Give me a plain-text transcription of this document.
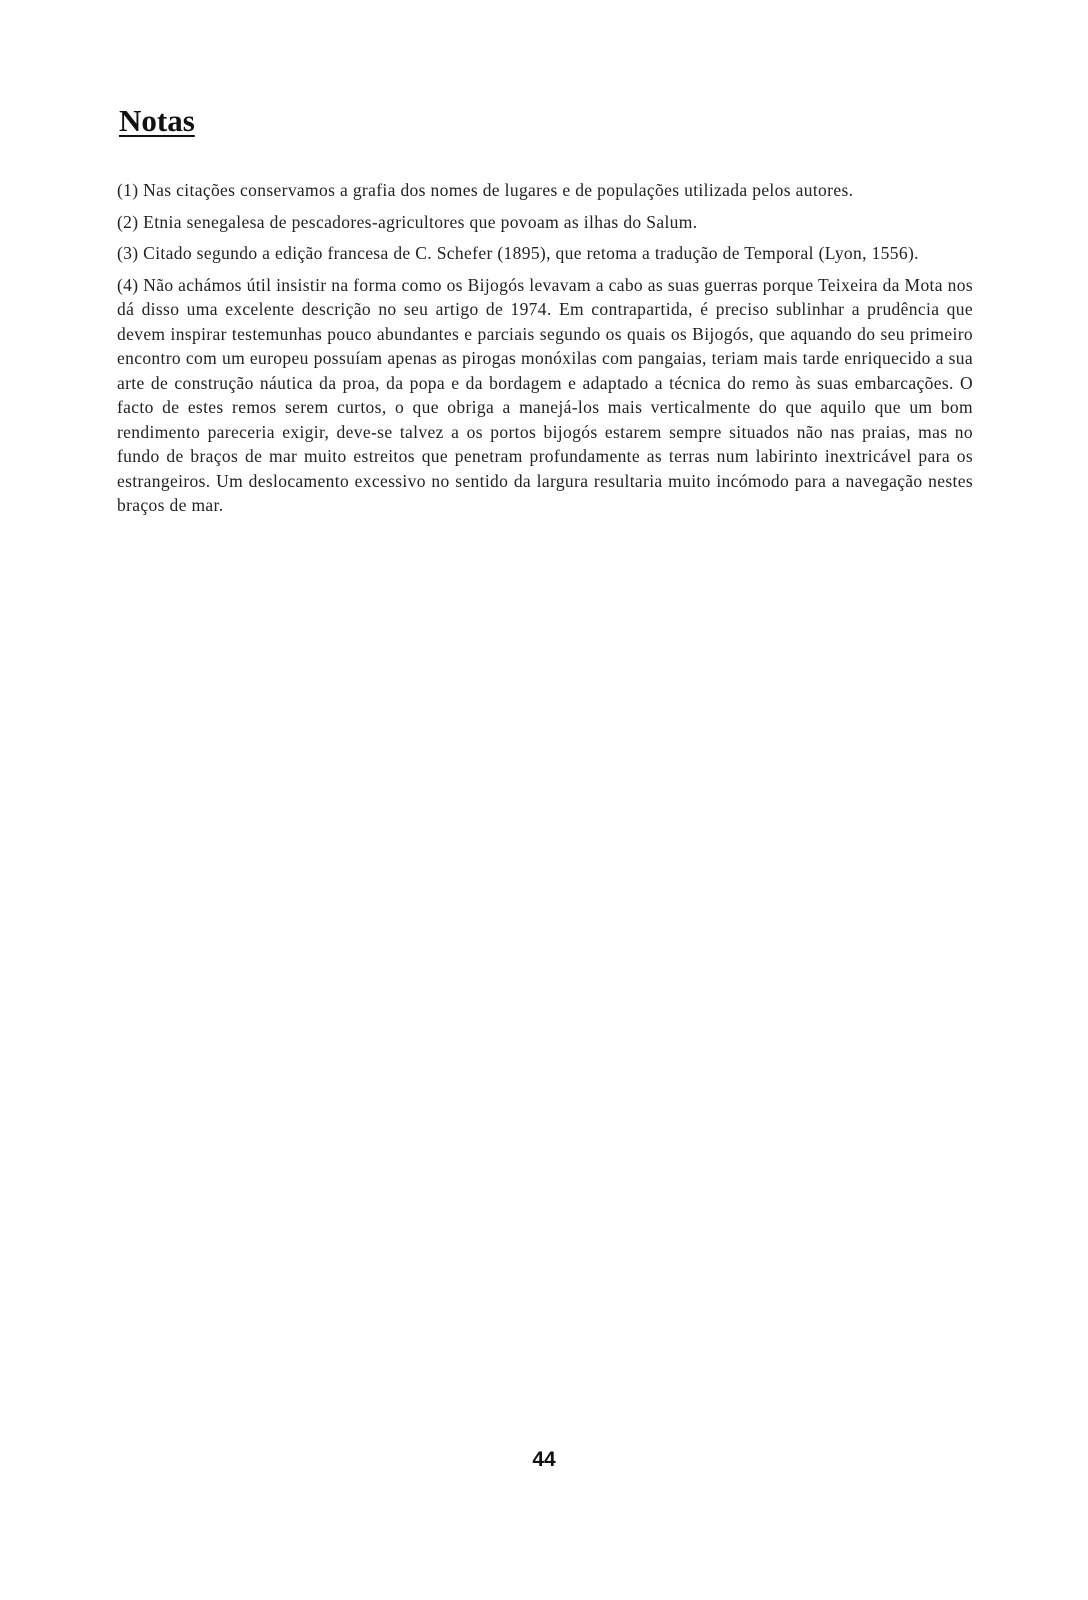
Notas
(1) Nas citações conservamos a grafia dos nomes de lugares e de populações utilizada pelos autores.
(2) Etnia senegalesa de pescadores-agricultores que povoam as ilhas do Salum.
(3) Citado segundo a edição francesa de C. Schefer (1895), que retoma a tradução de Temporal (Lyon, 1556).
(4) Não achámos útil insistir na forma como os Bijogós levavam a cabo as suas guerras porque Teixeira da Mota nos dá disso uma excelente descrição no seu artigo de 1974. Em contrapartida, é preciso sublinhar a prudência que devem inspirar testemunhas pouco abundantes e parciais segundo os quais os Bijogós, que aquando do seu primeiro encontro com um europeu possuíam apenas as pirogas monóxilas com pangaias, teriam mais tarde enriquecido a sua arte de construção náutica da proa, da popa e da bordagem e adaptado a técnica do remo às suas embarcações. O facto de estes remos serem curtos, o que obriga a manejá-los mais verticalmente do que aquilo que um bom rendimento pareceria exigir, deve-se talvez a os portos bijogós estarem sempre situados não nas praias, mas no fundo de braços de mar muito estreitos que penetram profundamente as terras num labirinto inextricável para os estrangeiros. Um deslocamento excessivo no sentido da largura resultaria muito incómodo para a navegação nestes braços de mar.
44
